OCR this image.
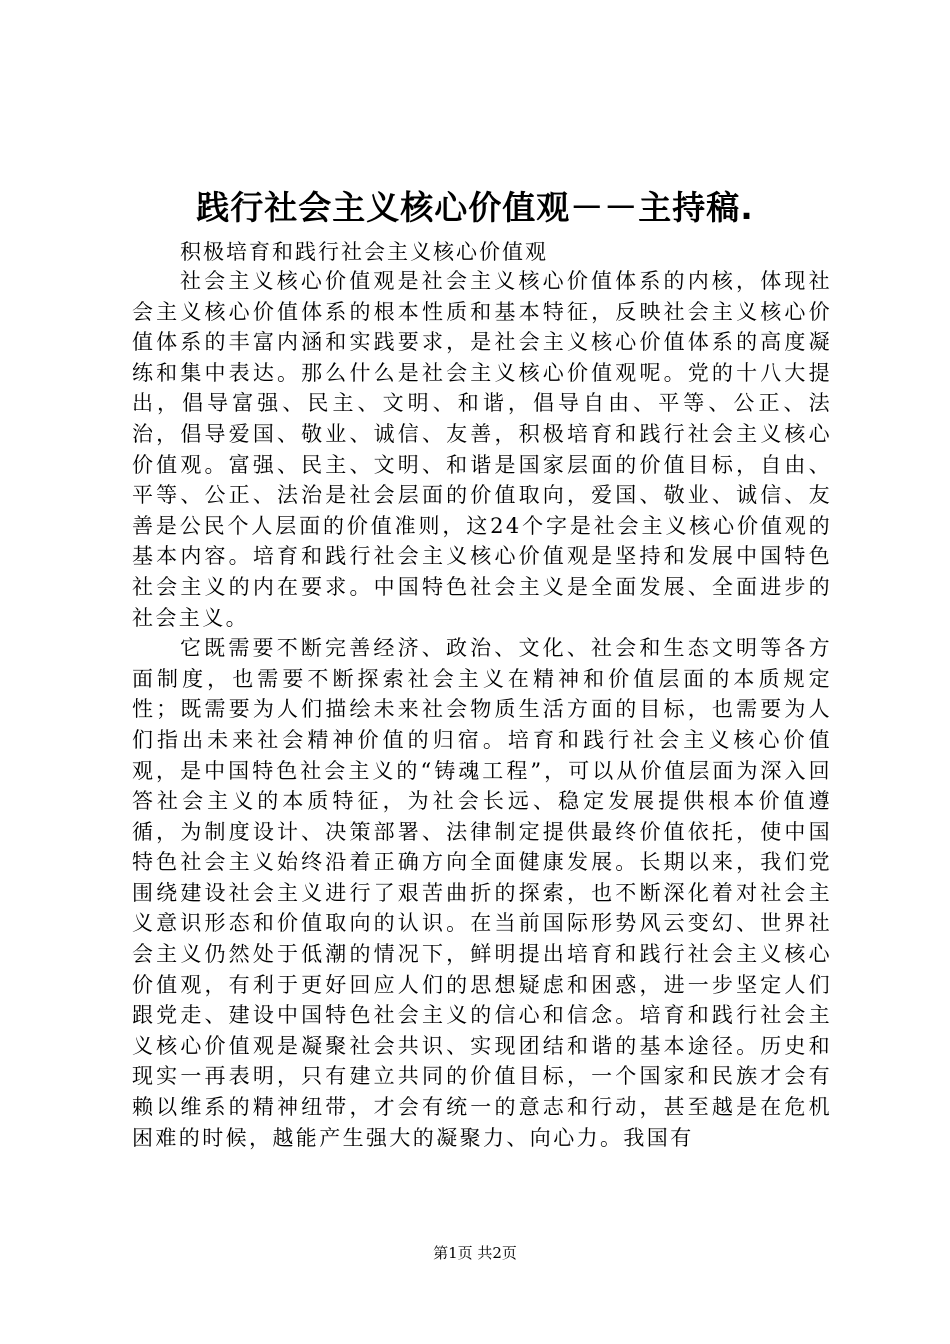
践行社会主义核心价值观－－主持稿.
积极培育和践行社会主义核心价值观

社会主义核心价值观是社会主义核心价值体系的内核，体现社会主义核心价值体系的根本性质和基本特征，反映社会主义核心价值体系的丰富内涵和实践要求，是社会主义核心价值体系的高度凝练和集中表达。那么什么是社会主义核心价值观呢。党的十八大提出，倡导富强、民主、文明、和谐，倡导自由、平等、公正、法治，倡导爱国、敬业、诚信、友善，积极培育和践行社会主义核心价值观。富强、民主、文明、和谐是国家层面的价值目标，自由、平等、公正、法治是社会层面的价值取向，爱国、敬业、诚信、友善是公民个人层面的价值准则，这24个字是社会主义核心价值观的基本内容。培育和践行社会主义核心价值观是坚持和发展中国特色社会主义的内在要求。中国特色社会主义是全面发展、全面进步的社会主义。

它既需要不断完善经济、政治、文化、社会和生态文明等各方面制度，也需要不断探索社会主义在精神和价值层面的本质规定性；既需要为人们描绘未来社会物质生活方面的目标，也需要为人们指出未来社会精神价值的归宿。培育和践行社会主义核心价值观，是中国特色社会主义的“铸魂工程”，可以从价值层面为深入回答社会主义的本质特征，为社会长远、稳定发展提供根本价值遵循，为制度设计、决策部署、法律制定提供最终价值依托，使中国特色社会主义始终沿着正确方向全面健康发展。长期以来，我们党围绕建设社会主义进行了艰苦曲折的探索，也不断深化着对社会主义意识形态和价值取向的认识。在当前国际形势风云变幻、世界社会主义仍然处于低潮的情况下，鲜明提出培育和践行社会主义核心价值观，有利于更好回应人们的思想疑虑和困惑，进一步坚定人们跟党走、建设中国特色社会主义的信心和信念。培育和践行社会主义核心价值观是凝聚社会共识、实现团结和谐的基本途径。历史和现实一再表明，只有建立共同的价值目标，一个国家和民族才会有赖以维系的精神纽带，才会有统一的意志和行动，甚至越是在危机困难的时候，越能产生强大的凝聚力、向心力。我国有

第1页 共2页
